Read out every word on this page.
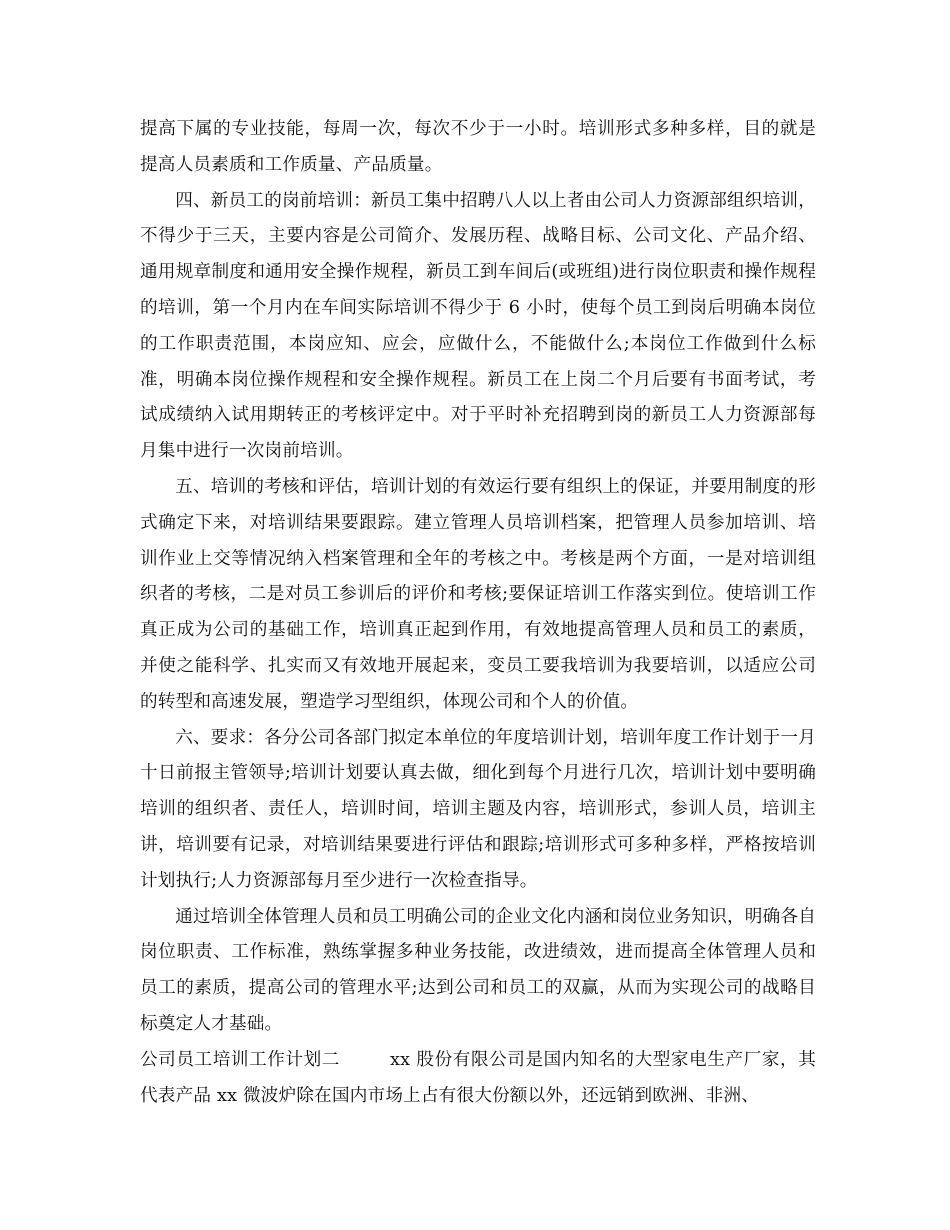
提高下属的专业技能，每周一次，每次不少于一小时。培训形式多种多样，目的就是提高人员素质和工作质量、产品质量。

四、新员工的岗前培训：新员工集中招聘八人以上者由公司人力资源部组织培训，不得少于三天，主要内容是公司简介、发展历程、战略目标、公司文化、产品介绍、通用规章制度和通用安全操作规程，新员工到车间后(或班组)进行岗位职责和操作规程的培训，第一个月内在车间实际培训不得少于 6 小时，使每个员工到岗后明确本岗位的工作职责范围，本岗应知、应会，应做什么，不能做什么;本岗位工作做到什么标准，明确本岗位操作规程和安全操作规程。新员工在上岗二个月后要有书面考试，考试成绩纳入试用期转正的考核评定中。对于平时补充招聘到岗的新员工人力资源部每月集中进行一次岗前培训。

五、培训的考核和评估，培训计划的有效运行要有组织上的保证，并要用制度的形式确定下来，对培训结果要跟踪。建立管理人员培训档案，把管理人员参加培训、培训作业上交等情况纳入档案管理和全年的考核之中。考核是两个方面，一是对培训组织者的考核，二是对员工参训后的评价和考核;要保证培训工作落实到位。使培训工作真正成为公司的基础工作，培训真正起到作用，有效地提高管理人员和员工的素质，并使之能科学、扎实而又有效地开展起来，变员工要我培训为我要培训，以适应公司的转型和高速发展，塑造学习型组织，体现公司和个人的价值。

六、要求：各分公司各部门拟定本单位的年度培训计划，培训年度工作计划于一月十日前报主管领导;培训计划要认真去做，细化到每个月进行几次，培训计划中要明确培训的组织者、责任人，培训时间，培训主题及内容，培训形式，参训人员，培训主讲，培训要有记录，对培训结果要进行评估和跟踪;培训形式可多种多样，严格按培训计划执行;人力资源部每月至少进行一次检查指导。

通过培训全体管理人员和员工明确公司的企业文化内涵和岗位业务知识，明确各自岗位职责、工作标准，熟练掌握多种业务技能，改进绩效，进而提高全体管理人员和员工的素质，提高公司的管理水平;达到公司和员工的双赢，从而为实现公司的战略目标奠定人才基础。

公司员工培训工作计划二	xx 股份有限公司是国内知名的大型家电生产厂家，其代表产品 xx 微波炉除在国内市场上占有很大份额以外，还远销到欧洲、非洲、
